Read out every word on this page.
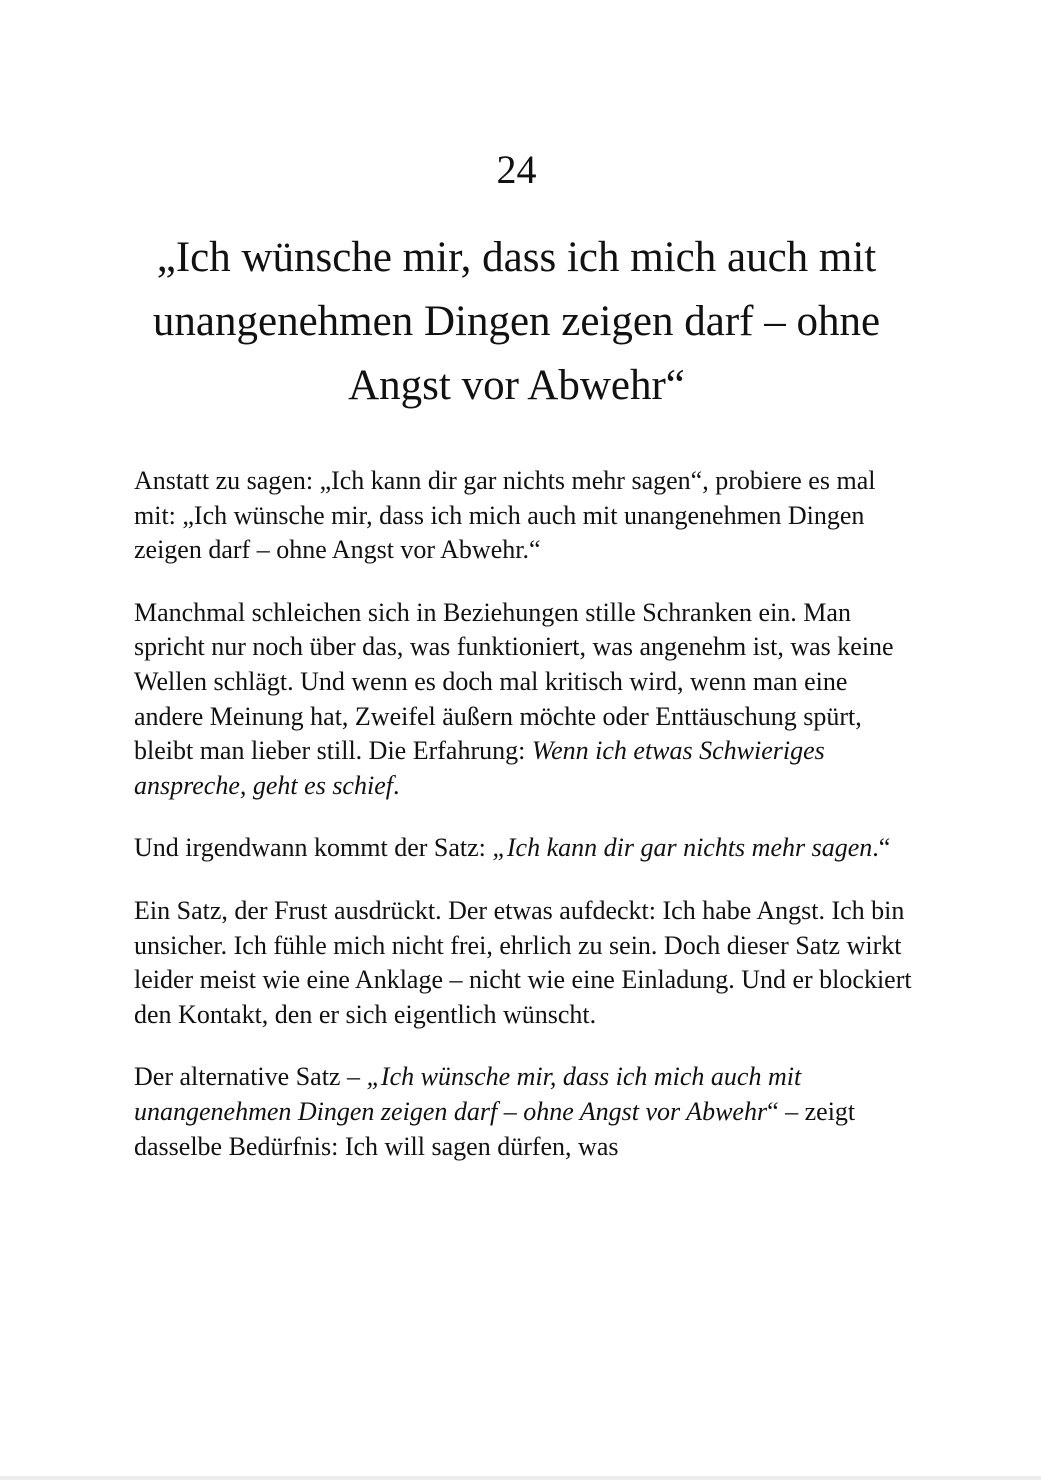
24
„Ich wünsche mir, dass ich mich auch mit unangenehmen Dingen zeigen darf – ohne Angst vor Abwehr“

Anstatt zu sagen: „Ich kann dir gar nichts mehr sagen“, probiere es mal mit: „Ich wünsche mir, dass ich mich auch mit unangenehmen Dingen zeigen darf – ohne Angst vor Abwehr.“

Manchmal schleichen sich in Beziehungen stille Schranken ein. Man spricht nur noch über das, was funktioniert, was angenehm ist, was keine Wellen schlägt. Und wenn es doch mal kritisch wird, wenn man eine andere Meinung hat, Zweifel äußern möchte oder Enttäuschung spürt, bleibt man lieber still. Die Erfahrung: Wenn ich etwas Schwieriges anspreche, geht es schief.

Und irgendwann kommt der Satz: „Ich kann dir gar nichts mehr sagen.“

Ein Satz, der Frust ausdrückt. Der etwas aufdeckt: Ich habe Angst. Ich bin unsicher. Ich fühle mich nicht frei, ehrlich zu sein. Doch dieser Satz wirkt leider meist wie eine Anklage – nicht wie eine Einladung. Und er blockiert den Kontakt, den er sich eigentlich wünscht.

Der alternative Satz – „Ich wünsche mir, dass ich mich auch mit unangenehmen Dingen zeigen darf – ohne Angst vor Abwehr“ – zeigt dasselbe Bedürfnis: Ich will sagen dürfen, was
